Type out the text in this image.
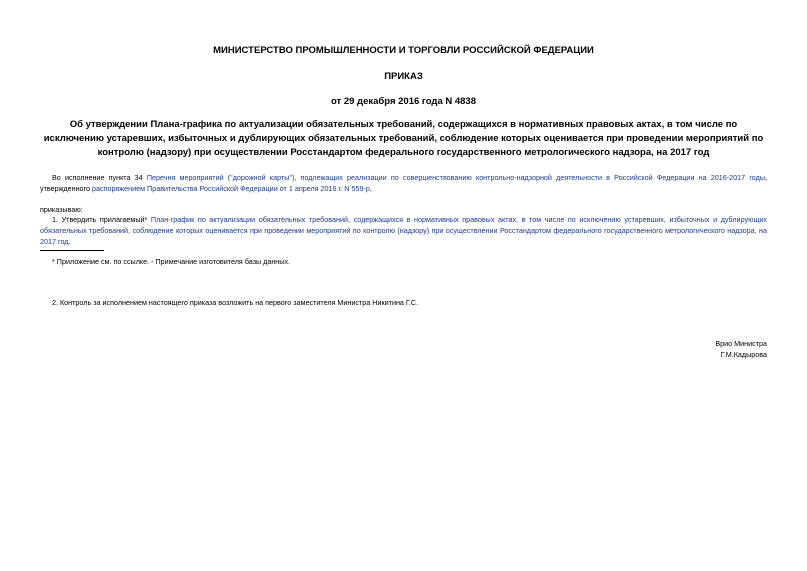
МИНИСТЕРСТВО ПРОМЫШЛЕННОСТИ И ТОРГОВЛИ РОССИЙСКОЙ ФЕДЕРАЦИИ
ПРИКАЗ
от 29 декабря 2016 года N 4838
Об утверждении Плана-графика по актуализации обязательных требований, содержащихся в нормативных правовых актах, в том числе по исключению устаревших, избыточных и дублирующих обязательных требований, соблюдение которых оценивается при проведении мероприятий по контролю (надзору) при осуществлении Росстандартом федерального государственного метрологического надзора, на 2017 год
Во исполнение пункта 34 Перечня мероприятий ("дорожной карты"), подлежащих реализации по совершенствованию контрольно-надзорной деятельности в Российской Федерации на 2016-2017 годы, утвержденного распоряжением Правительства Российской Федерации от 1 апреля 2016 г. N 559-р,
приказываю:
1. Утвердить прилагаемый* План-график по актуализации обязательных требований, содержащихся в нормативных правовых актах, в том числе по исключению устаревших, избыточных и дублирующих обязательных требований, соблюдение которых оценивается при проведении мероприятий по контролю (надзору) при осуществлении Росстандартом федерального государственного метрологического надзора, на 2017 год.
* Приложение см. по ссылке. - Примечание изготовителя базы данных.
2. Контроль за исполнением настоящего приказа возложить на первого заместителя Министра Никитина Г.С.
Врио Министра
Г.М.Кадырова
